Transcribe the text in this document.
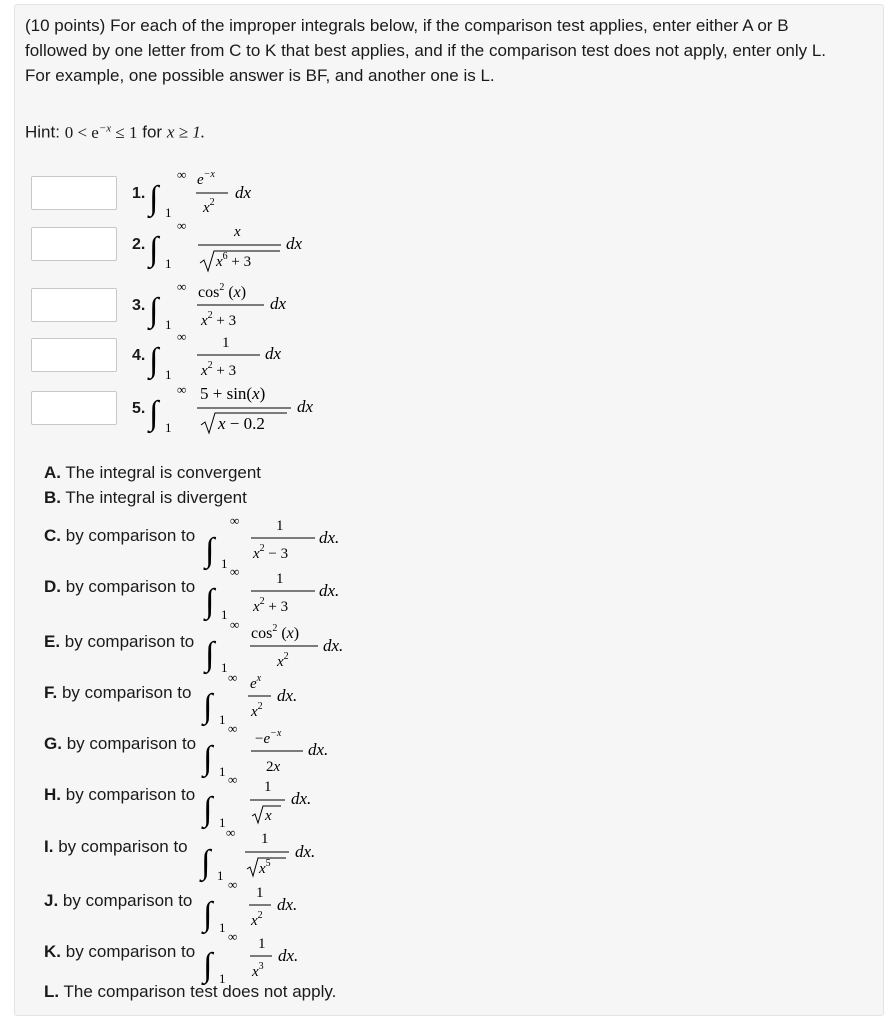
(10 points) For each of the improper integrals below, if the comparison test applies, enter either A or B
followed by one letter from C to K that best applies, and if the comparison test does not apply, enter only L.
For example, one possible answer is BF, and another one is L.
Hint: $0 < e^{-x} \le 1$ for x ≥ 1.
1.
2.
3.
4.
5.
∫
∞
1
$e^{-x}$
$x^2$
dx
∫
∞
1
x
$x^6 + 3$
dx
∫
∞
1
$\cos^2 (x)$
$x^2 + 3$
dx
∫
∞
1
1
$x^2 + 3$
dx
∫
∞
1
5 + sin(x)
x − 0.2
dx
A. The integral is convergent
B. The integral is divergent
C. by comparison to
D. by comparison to
E. by comparison to
F. by comparison to
G. by comparison to
H. by comparison to
I. by comparison to
J. by comparison to
K. by comparison to
L. The comparison test does not apply.
∫
∞
1
1
$x^2 - 3$
dx.
∫
∞
1
1
$x^2 + 3$
dx.
∫
∞
1
$\cos^2 (x)$
$x^2$
dx.
∫
∞
1
$e^x$
$x^2$
dx.
∫
∞
1
$-e^{-x}$
2x
dx.
∫
∞
1
1
x
dx.
∫
∞
1
1
$x^5$
dx.
∫
∞
1
1
$x^2$
dx.
∫
∞
1
1
$x^3$
dx.
